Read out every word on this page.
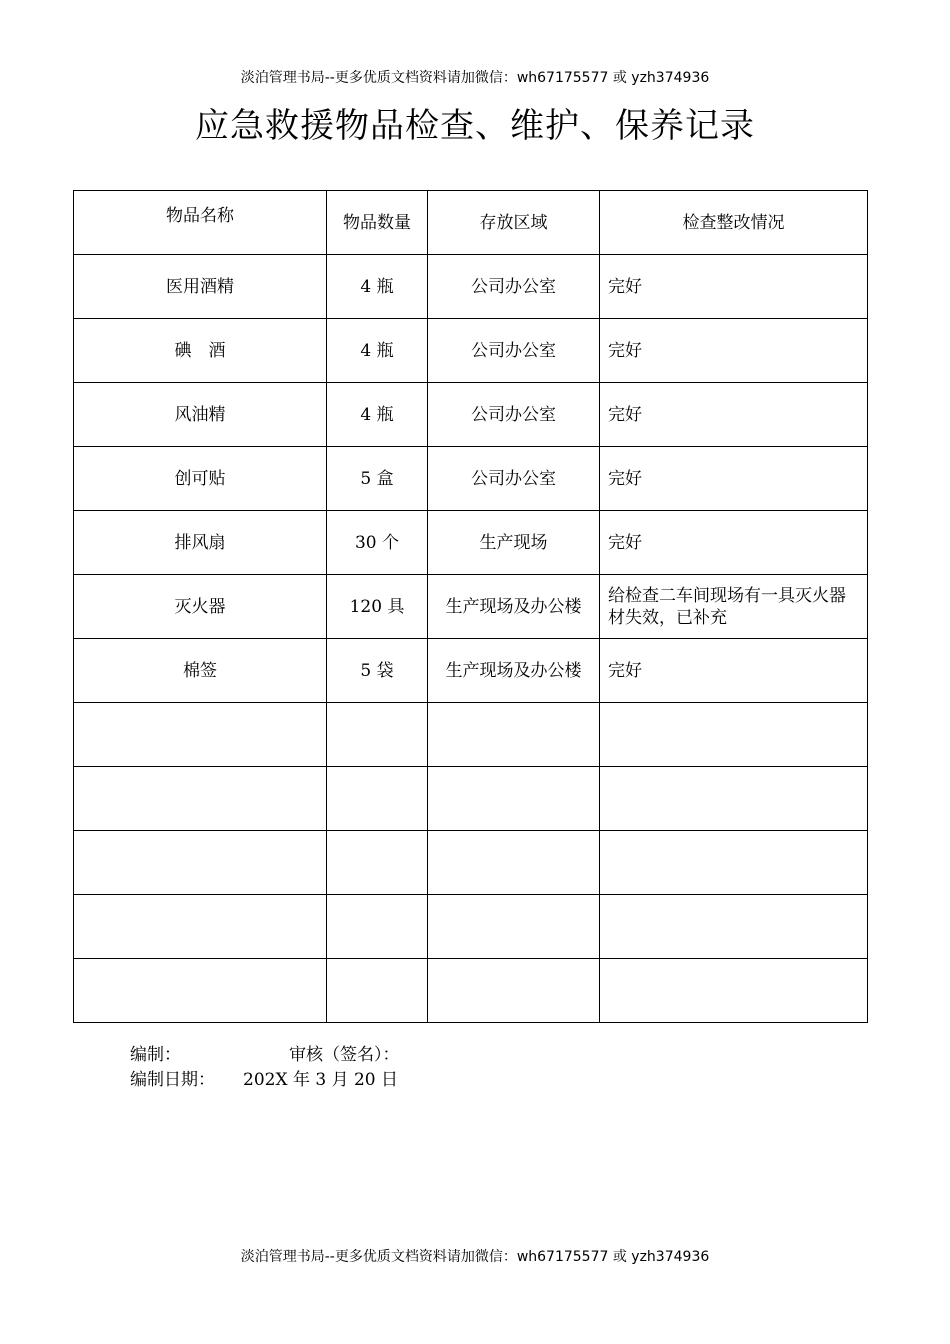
淡泊管理书局--更多优质文档资料请加微信：wh67175577 或 yzh374936
应急救援物品检查、维护、保养记录
物品名称	物品数量	存放区域	检查整改情况
医用酒精	4 瓶	公司办公室	完好
碘　酒	4 瓶	公司办公室	完好
风油精	4 瓶	公司办公室	完好
创可贴	5 盒	公司办公室	完好
排风扇	30 个	生产现场	完好
灭火器	120 具	生产现场及办公楼	给检查二车间现场有一具灭火器材失效，已补充
棉签	5 袋	生产现场及办公楼	完好

编制：	审核（签名）：
编制日期： 202X 年 3 月 20 日
淡泊管理书局--更多优质文档资料请加微信：wh67175577 或 yzh374936
